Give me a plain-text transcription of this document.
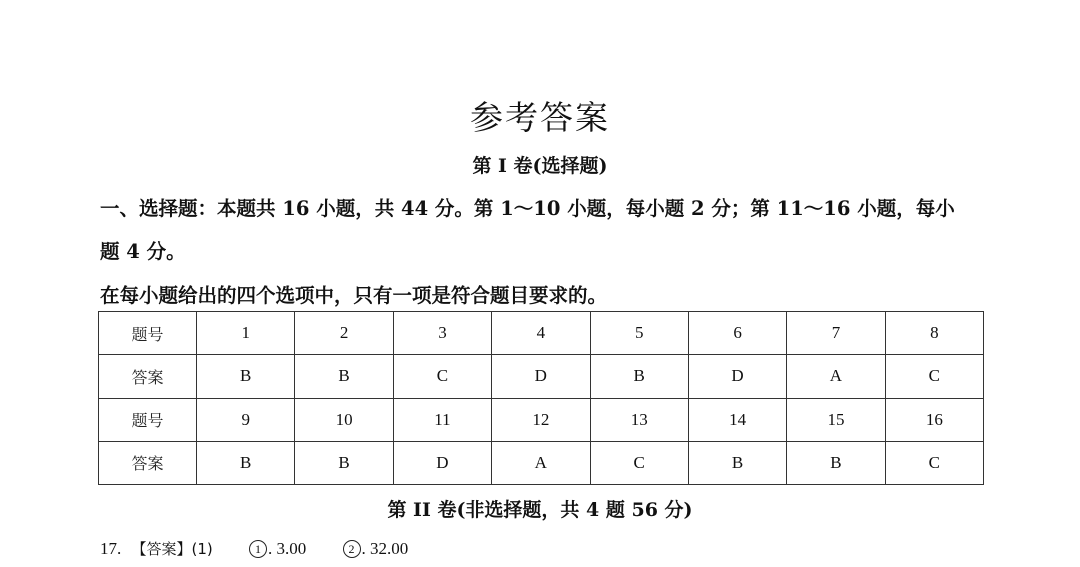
参考答案
第 I 卷(选择题)
一、选择题：本题共 16 小题，共 44 分。第 1～10 小题，每小题 2 分；第 11～16 小题，每小
题 4 分。
在每小题给出的四个选项中，只有一项是符合题目要求的。
题号	1	2	3	4	5	6	7	8
答案	B	B	C	D	B	D	A	C
题号	9	10	11	12	13	14	15	16
答案	B	B	D	A	C	B	B	C
第 II 卷(非选择题，共 4 题 56 分)
17. 【答案】(1)	1 . 3.00	2 . 32.00
